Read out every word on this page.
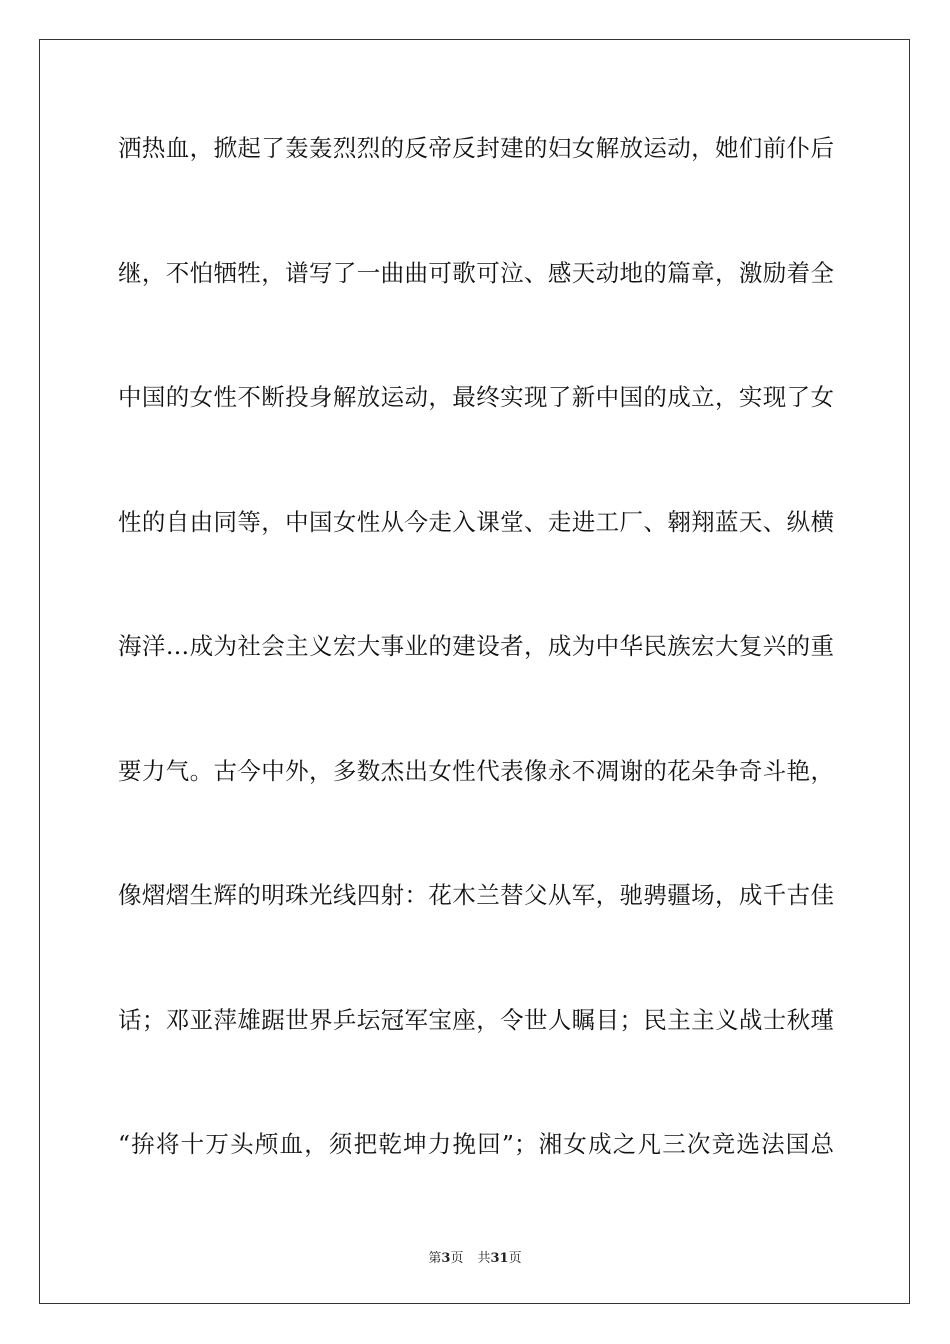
洒热血，掀起了轰轰烈烈的反帝反封建的妇女解放运动，她们前仆后
继，不怕牺牲，谱写了一曲曲可歌可泣、感天动地的篇章，激励着全
中国的女性不断投身解放运动，最终实现了新中国的成立，实现了女
性的自由同等，中国女性从今走入课堂、走进工厂、翱翔蓝天、纵横
海洋…成为社会主义宏大事业的建设者，成为中华民族宏大复兴的重
要力气。古今中外，多数杰出女性代表像永不凋谢的花朵争奇斗艳，
像熠熠生辉的明珠光线四射：花木兰替父从军，驰骋疆场，成千古佳
话；邓亚萍雄踞世界乒坛冠军宝座，令世人瞩目；民主主义战士秋瑾
“拚将十万头颅血，须把乾坤力挽回”；湘女成之凡三次竞选法国总
第3页 共31页
